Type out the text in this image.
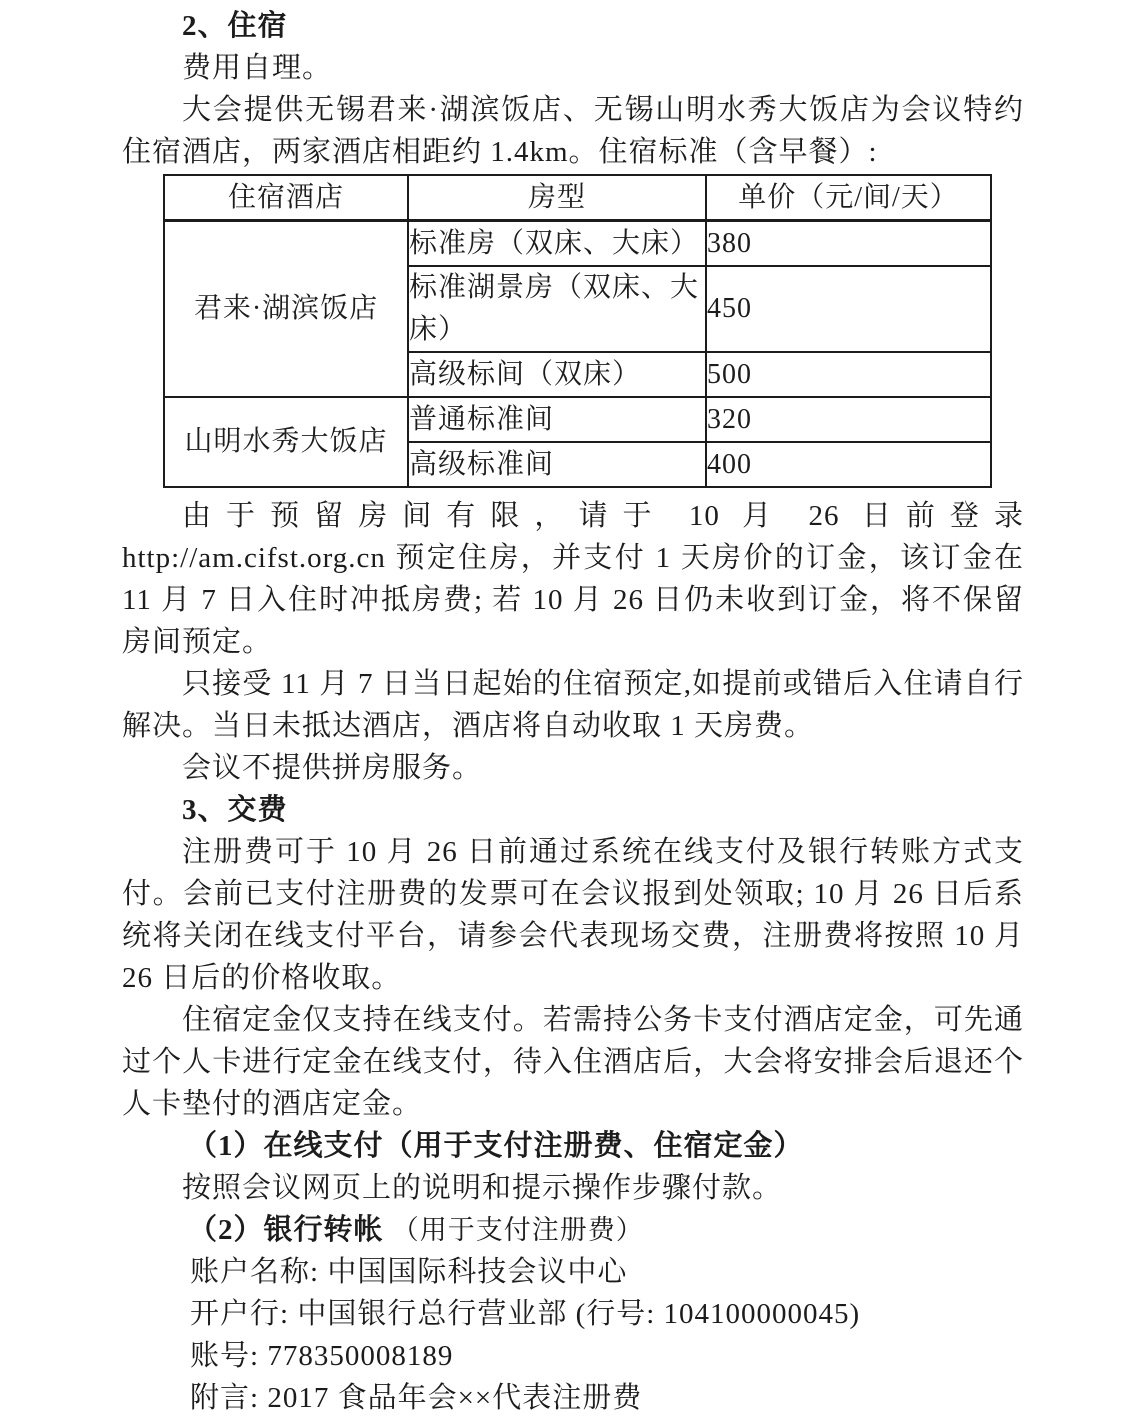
2、住宿

费用自理。

大会提供无锡君来·湖滨饭店、无锡山明水秀大饭店为会议特约住宿酒店，两家酒店相距约 1.4km。住宿标准（含早餐）:

住宿酒店	房型	单价（元/间/天）
君来·湖滨饭店	标准房（双床、大床）	380
	标准湖景房（双床、大床）	450
	高级标间（双床）	500
山明水秀大饭店	普通标准间	320
	高级标准间	400

由于预留房间有限，请于 10 月 26 日前登录 http://am.cifst.org.cn 预定住房，并支付 1 天房价的订金，该订金在 11 月 7 日入住时冲抵房费; 若 10 月 26 日仍未收到订金，将不保留房间预定。

只接受 11 月 7 日当日起始的住宿预定,如提前或错后入住请自行解决。当日未抵达酒店，酒店将自动收取 1 天房费。

会议不提供拼房服务。

3、交费

注册费可于 10 月 26 日前通过系统在线支付及银行转账方式支付。会前已支付注册费的发票可在会议报到处领取; 10 月 26 日后系统将关闭在线支付平台，请参会代表现场交费，注册费将按照 10 月 26 日后的价格收取。

住宿定金仅支持在线支付。若需持公务卡支付酒店定金，可先通过个人卡进行定金在线支付，待入住酒店后，大会将安排会后退还个人卡垫付的酒店定金。

（1）在线支付（用于支付注册费、住宿定金）

按照会议网页上的说明和提示操作步骤付款。

（2）银行转帐 （用于支付注册费）

账户名称: 中国国际科技会议中心

开户行: 中国银行总行营业部 (行号: 104100000045)

账号: 778350008189

附言: 2017 食品年会××代表注册费
